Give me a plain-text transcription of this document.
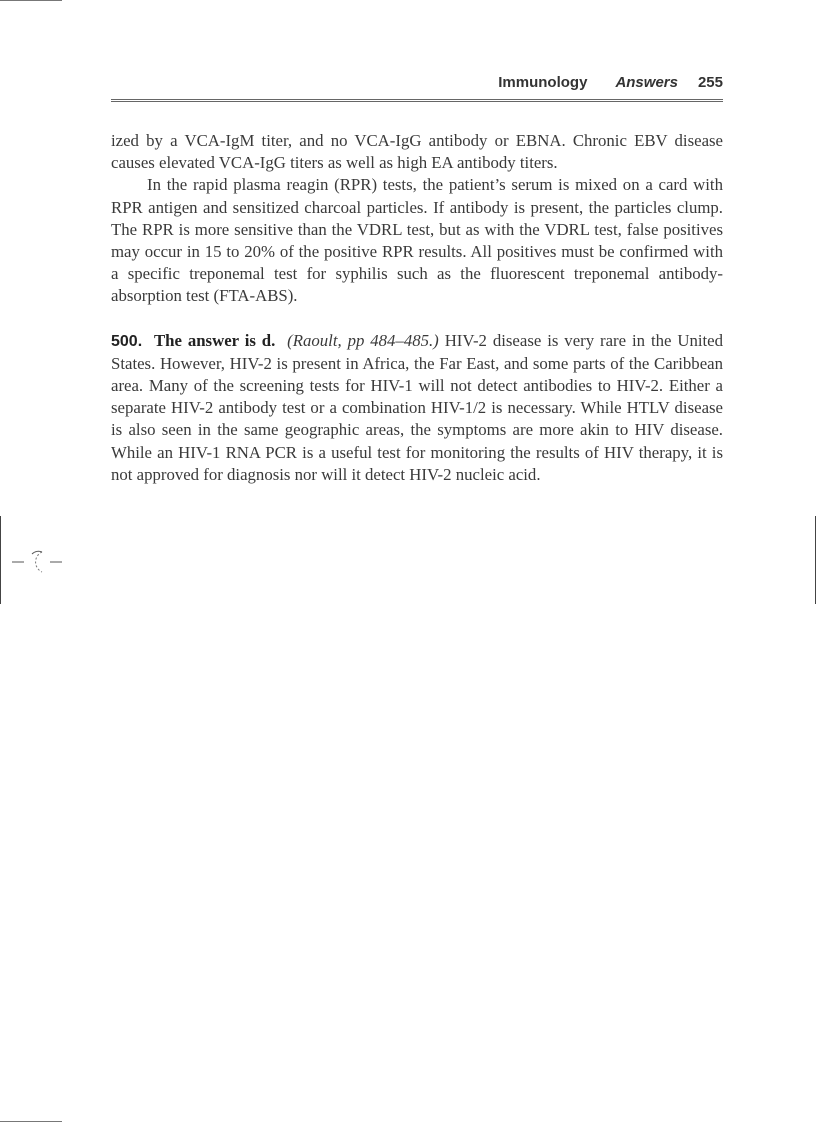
Immunology Answers 255

ized by a VCA-IgM titer, and no VCA-IgG antibody or EBNA. Chronic EBV disease causes elevated VCA-IgG titers as well as high EA antibody titers.

In the rapid plasma reagin (RPR) tests, the patient’s serum is mixed on a card with RPR antigen and sensitized charcoal particles. If antibody is present, the particles clump. The RPR is more sensitive than the VDRL test, but as with the VDRL test, false positives may occur in 15 to 20% of the positive RPR results. All positives must be confirmed with a specific treponemal test for syphilis such as the fluorescent treponemal antibody-absorption test (FTA-ABS).

500. The answer is d. (Raoult, pp 484–485.) HIV-2 disease is very rare in the United States. However, HIV-2 is present in Africa, the Far East, and some parts of the Caribbean area. Many of the screening tests for HIV-1 will not detect antibodies to HIV-2. Either a separate HIV-2 antibody test or a combination HIV-1/2 is necessary. While HTLV disease is also seen in the same geographic areas, the symptoms are more akin to HIV disease. While an HIV-1 RNA PCR is a useful test for monitoring the results of HIV therapy, it is not approved for diagnosis nor will it detect HIV-2 nucleic acid.
